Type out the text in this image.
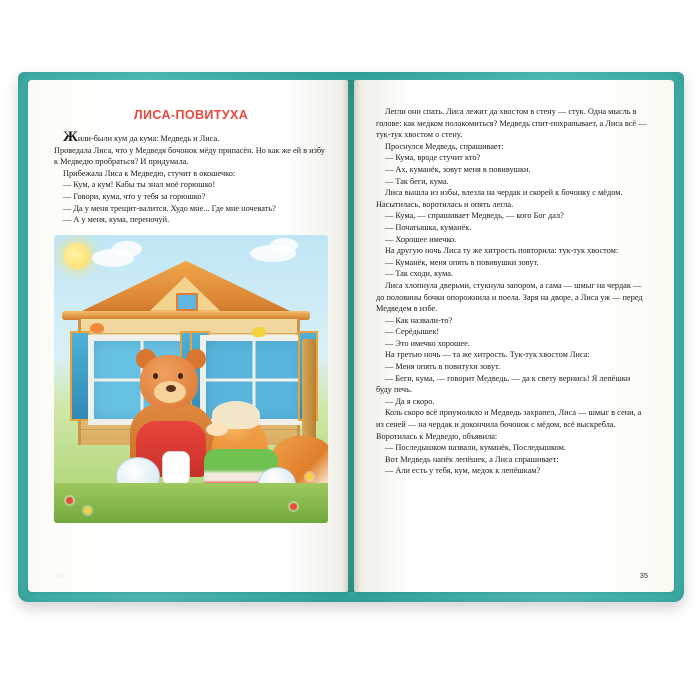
ЛИСА-ПОВИТУХА

Жили-были кум да кума: Медведь и Лиса.

Проведала Лиса, что у Медведя бочонок мёду припасён. Но как же ей в избу к Медведю пробраться? И придумала.

Прибежала Лиса к Медведю, стучит в окошечко:

— Кум, а кум! Кабы ты знал моё горюшко!

— Говори, кума, что у тебя за горюшко?

— Да у меня трещит-валится. Худо мне... Где мне ночевать?

— А у меня, кума, переночуй.

69

Легли они спать. Лиса лежит да хвостом в стену — стук. Одна мысль в голове: как медком полакомиться? Медведь спит-похрапывает, а Лиса всё — тук-тук хвостом о стену.

Проснулся Медведь, спрашивает:

— Кума, вроде стучит кто?

— Ах, куманёк, зовут меня в повивушки.

— Так беги, кума.

Лиса вышла из избы, влезла на чердак и скорей к бочонку с мёдом. Насытилась, воротилась и опять легла.

— Кума, — спрашивает Медведь, — кого Бог дал?

— Початышка, куманёк.

— Хорошее имечко.

На другую ночь Лиса ту же хитрость повторила: тук-тук хвостом:

— Куманёк, меня опять в повивушки зовут.

— Так сходи, кума.

Лиса хлопнула дверьми, стукнула запором, а сама — шмыг на чердак — до половины бочки опорожнила и поела. Заря на дворе, а Лиса уж — перед Медведем в избе.

— Как назвали-то?

— Серёдышек!

— Это имечко хорошее.

На третью ночь — та же хитрость. Тук-тук хвостом Лиса:

— Меня опять в повитухи зовут.

— Беги, кума, — говорит Медведь, — да к свету вернись! Я лепёшки буду печь.

— Да я скоро.

Коль скоро всё приумолкло и Медведь захрапел, Лиса — шмыг в сени, а из сеней — на чердак и докончила бочонок с мёдом, всё выскребла. Воротилась к Медведю, объявила:

— Последышком назвали, куманёк, Последышком.

Вот Медведь напёк лепёшек, а Лиса спрашивает:

— Али есть у тебя, кум, медок к лепёшкам?

35
